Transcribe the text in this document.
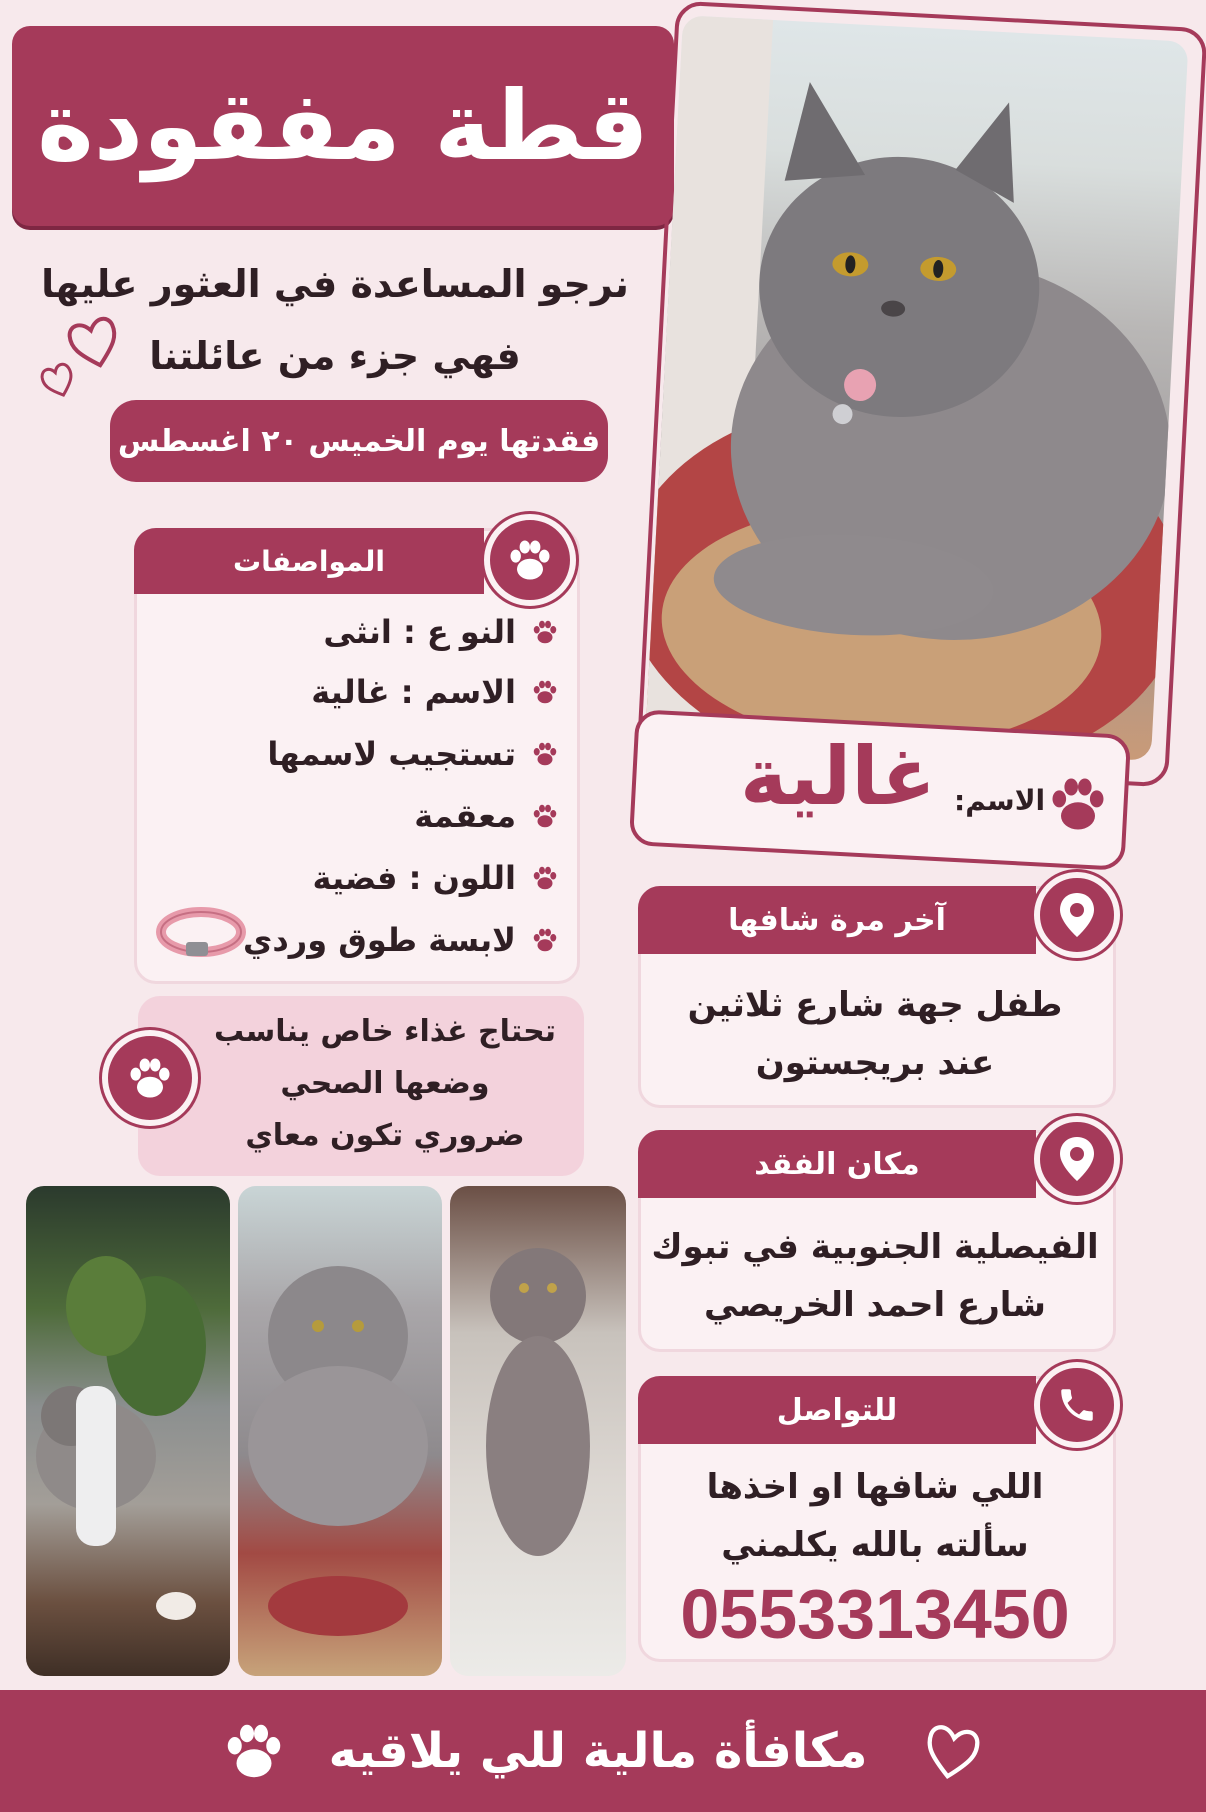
قطة مفقودة
نرجو المساعدة في العثور عليها
فهي جزء من عائلتنا
فقدتها يوم الخميس ٢٠ اغسطس
المواصفات
النو ع : انثى
الاسم : غالية
تستجيب لاسمها
معقمة
اللون : فضية
لابسة طوق وردي
تحتاج غذاء خاص يناسب
وضعها الصحي
ضروري تكون معاي
غالية الاسم:
آخر مرة شافها
طفل جهة شارع ثلاثين
عند بريجستون
مكان الفقد
الفيصلية الجنوبية في تبوك
شارع احمد الخريصي
للتواصل
اللي شافها او اخذها
سألته بالله يكلمني
0553313450
مكافأة مالية للي يلاقيه
